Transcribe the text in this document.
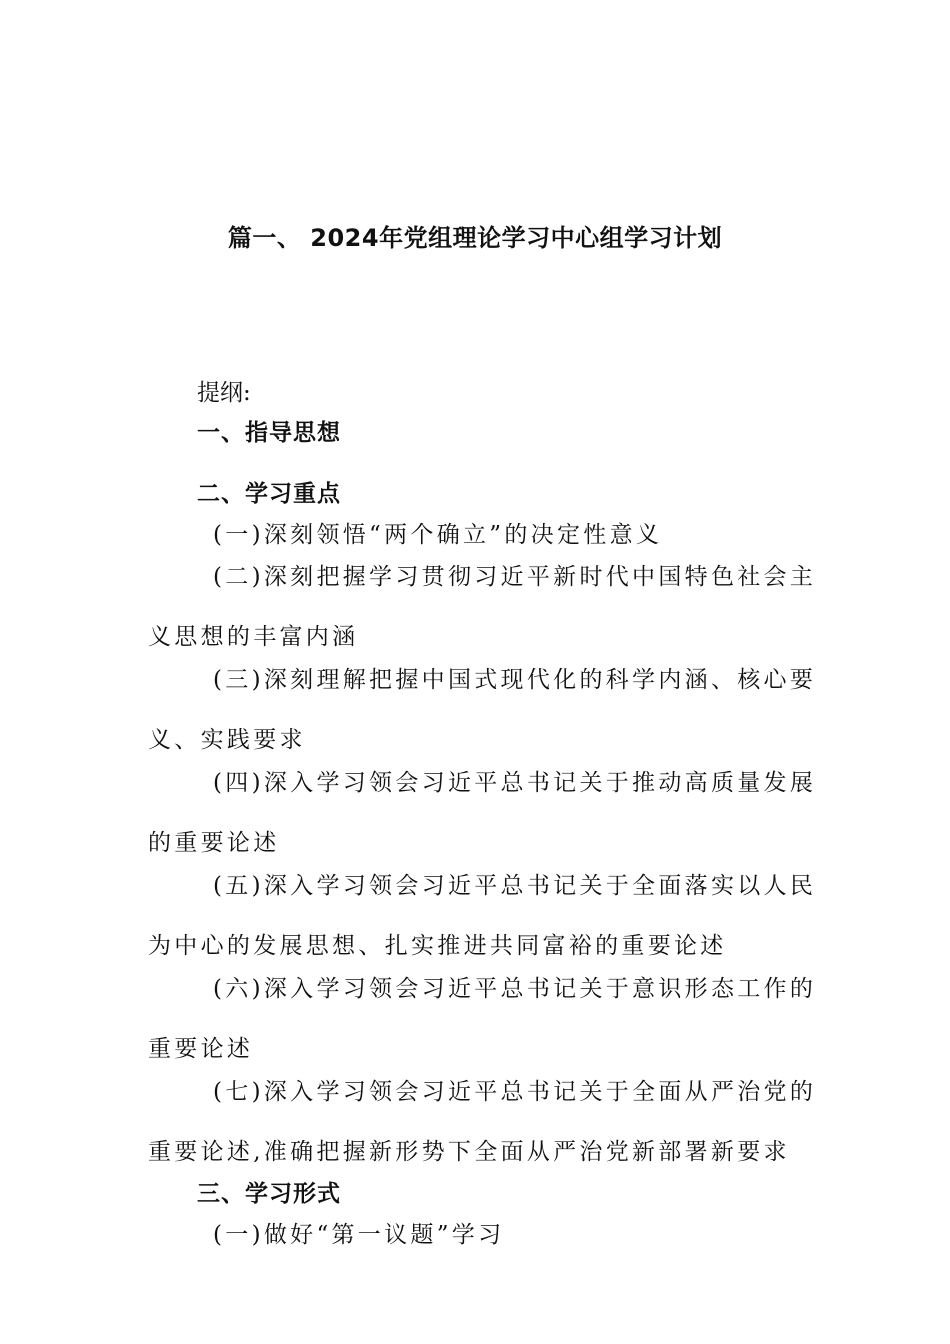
篇一、 2024年党组理论学习中心组学习计划
提纲:
一、指导思想
二、学习重点
(一)深刻领悟“两个确立”的决定性意义
(二)深刻把握学习贯彻习近平新时代中国特色社会主
义思想的丰富内涵
(三)深刻理解把握中国式现代化的科学内涵、核心要
义、实践要求
(四)深入学习领会习近平总书记关于推动高质量发展
的重要论述
(五)深入学习领会习近平总书记关于全面落实以人民
为中心的发展思想、扎实推进共同富裕的重要论述
(六)深入学习领会习近平总书记关于意识形态工作的
重要论述
(七)深入学习领会习近平总书记关于全面从严治党的
重要论述,准确把握新形势下全面从严治党新部署新要求
三、学习形式
(一)做好“第一议题”学习
